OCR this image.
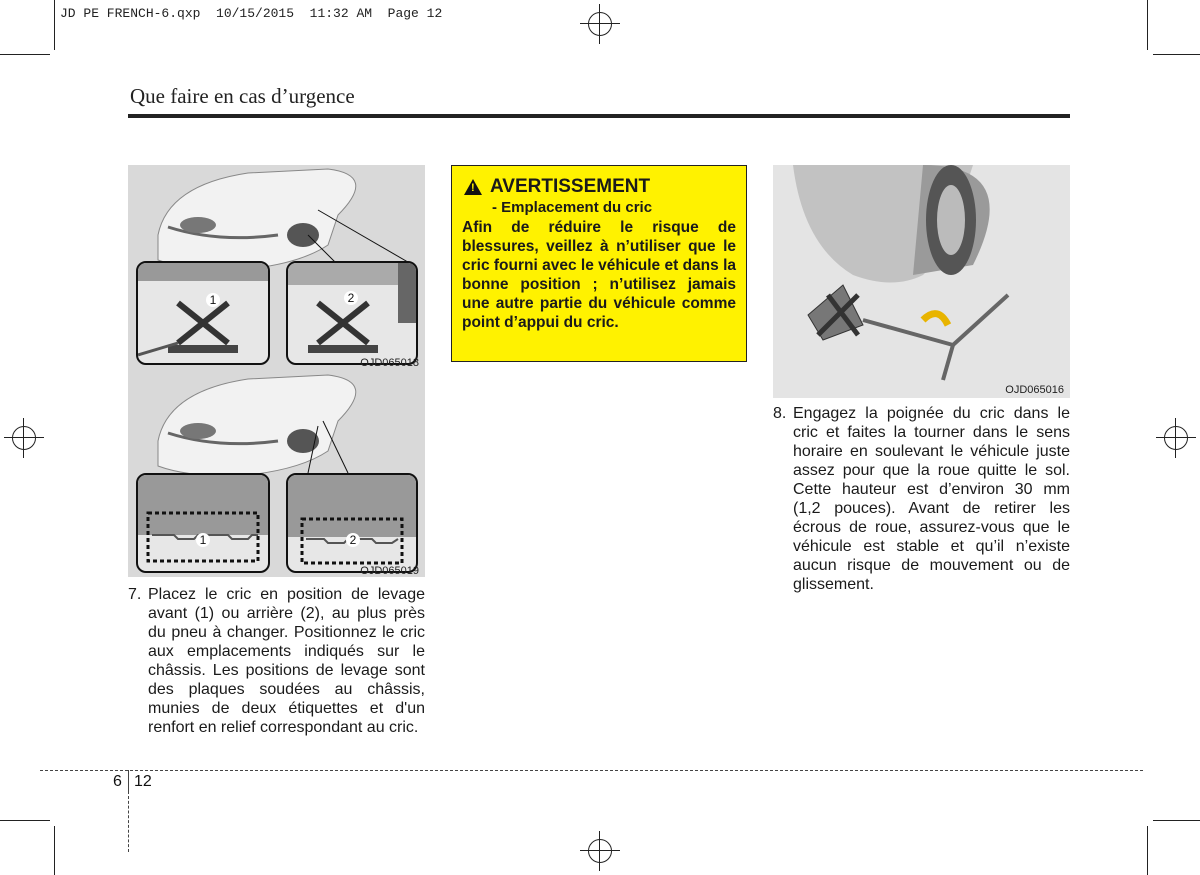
JD PE FRENCH-6.qxp  10/15/2015  11:32 AM  Page 12
Que faire en cas d’urgence
1	2
OJD065018
1	2
OJD065019
! AVERTISSEMENT
- Emplacement du cric
Afin de réduire le risque de blessures, veillez à n’utiliser que le cric fourni avec le véhicule et dans la bonne position ; n’utilisez jamais une autre partie du véhicule comme point d’appui du cric.
OJD065016
7. Placez le cric en position de levage avant (1) ou arrière (2), au plus près du pneu à changer. Positionnez le cric aux emplacements indiqués sur le châssis. Les positions de levage sont des plaques soudées au châssis, munies de deux étiquettes et d'un renfort en relief correspondant au cric.
8. Engagez la poignée du cric dans le cric et faites la tourner dans le sens horaire en soulevant le véhicule juste assez pour que la roue quitte le sol. Cette hauteur est d’environ 30 mm (1,2 pouces). Avant de retirer les écrous de roue, assurez-vous que le véhicule est stable et qu’il n’existe aucun risque de mouvement ou de glissement.
6 12
